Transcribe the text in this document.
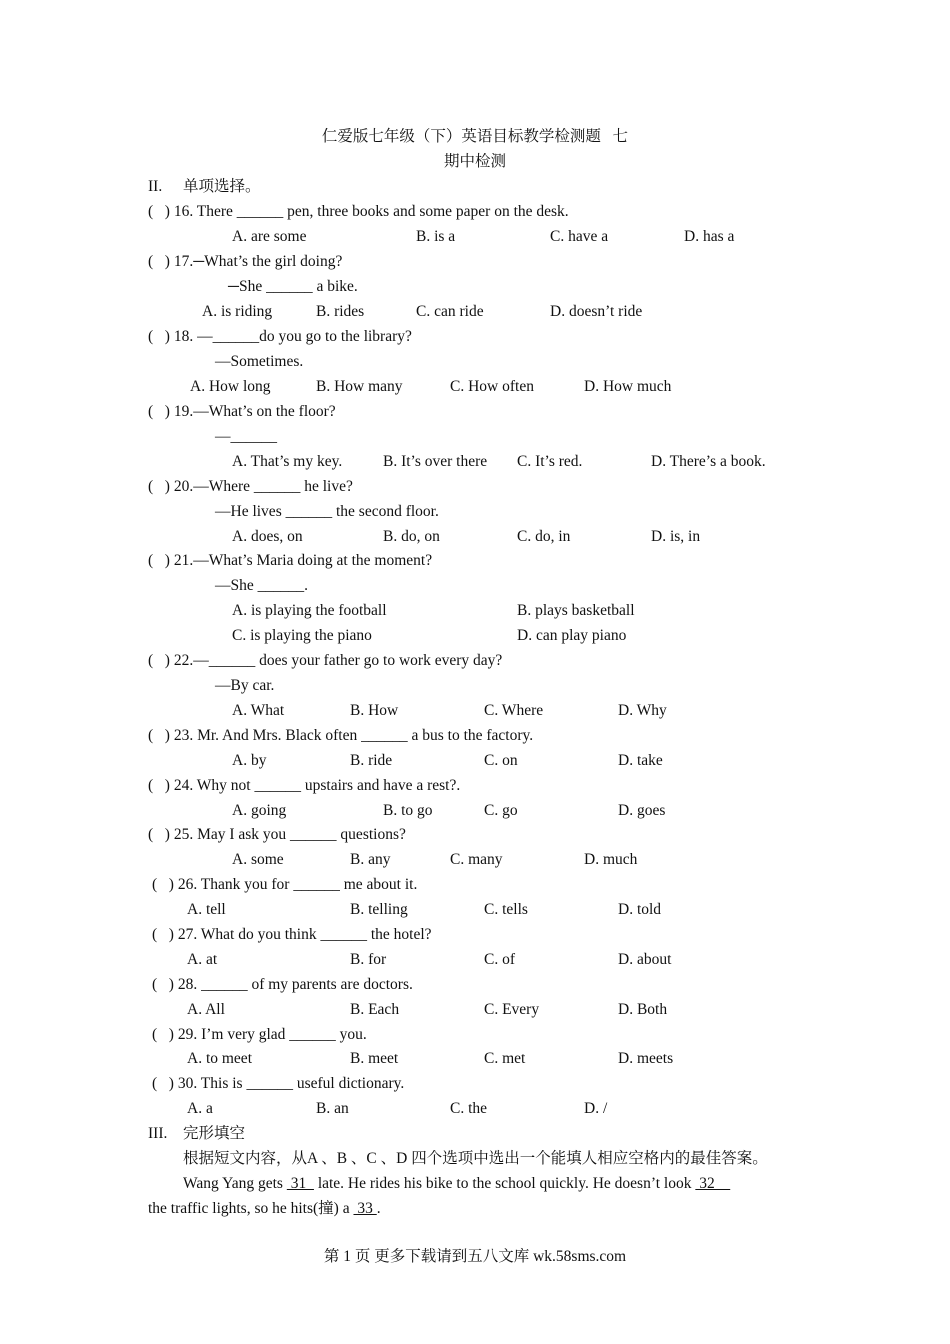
仁爱版七年级（下）英语目标教学检测题   七
期中检测
II. 单项选择。
(   ) 16. There ______ pen, three books and some paper on the desk.
A. are some	B. is a	C. have a	D. has a
(   ) 17.─What’s the girl doing?
─She ______ a bike.
A. is riding	B. rides	C. can ride	D. doesn’t ride
(   ) 18. —______do you go to the library?
—Sometimes.
A. How long	B. How many	C. How often	D. How much
(   ) 19.—What’s on the floor?
—______
A. That’s my key.	B. It’s over there C. It’s red.	D. There’s a book.
(   ) 20.—Where ______ he live?
—He lives ______ the second floor.
A. does, on	B. do, on	C. do, in	D. is, in
(   ) 21.—What’s Maria doing at the moment?
—She ______.
A. is playing the football	B. plays basketball
C. is playing the piano	D. can play piano
(   ) 22.—______ does your father go to work every day?
—By car.
A. What	B. How	C. Where	D. Why
(   ) 23. Mr. And Mrs. Black often ______ a bus to the factory.
A. by	B. ride	C. on	D. take
(   ) 24. Why not ______ upstairs and have a rest?.
A. going	B. to go	C. go	D. goes
(   ) 25. May I ask you ______ questions?
A. some	B. any	C. many	D. much
(   ) 26. Thank you for ______ me about it.
A. tell	B. telling	C. tells	D. told
(   ) 27. What do you think ______ the hotel?
A. at	B. for	C. of	D. about
(   ) 28. ______ of my parents are doctors.
A. All	B. Each	C. Every	D. Both
(   ) 29. I’m very glad ______ you.
A. to meet	B. meet	C. met	D. meets
(   ) 30. This is ______ useful dictionary.
A. a	B. an	C. the	D. /
III. 完形填空
根据短文内容，从A 、B 、C 、D 四个选项中选出一个能填人相应空格内的最佳答案。
Wang Yang gets  31   late. He rides his bike to the school quickly. He doesn’t look  32
the traffic lights, so he hits(撞) a  33 .
第 1 页 更多下载请到五八文库 wk.58sms.com
